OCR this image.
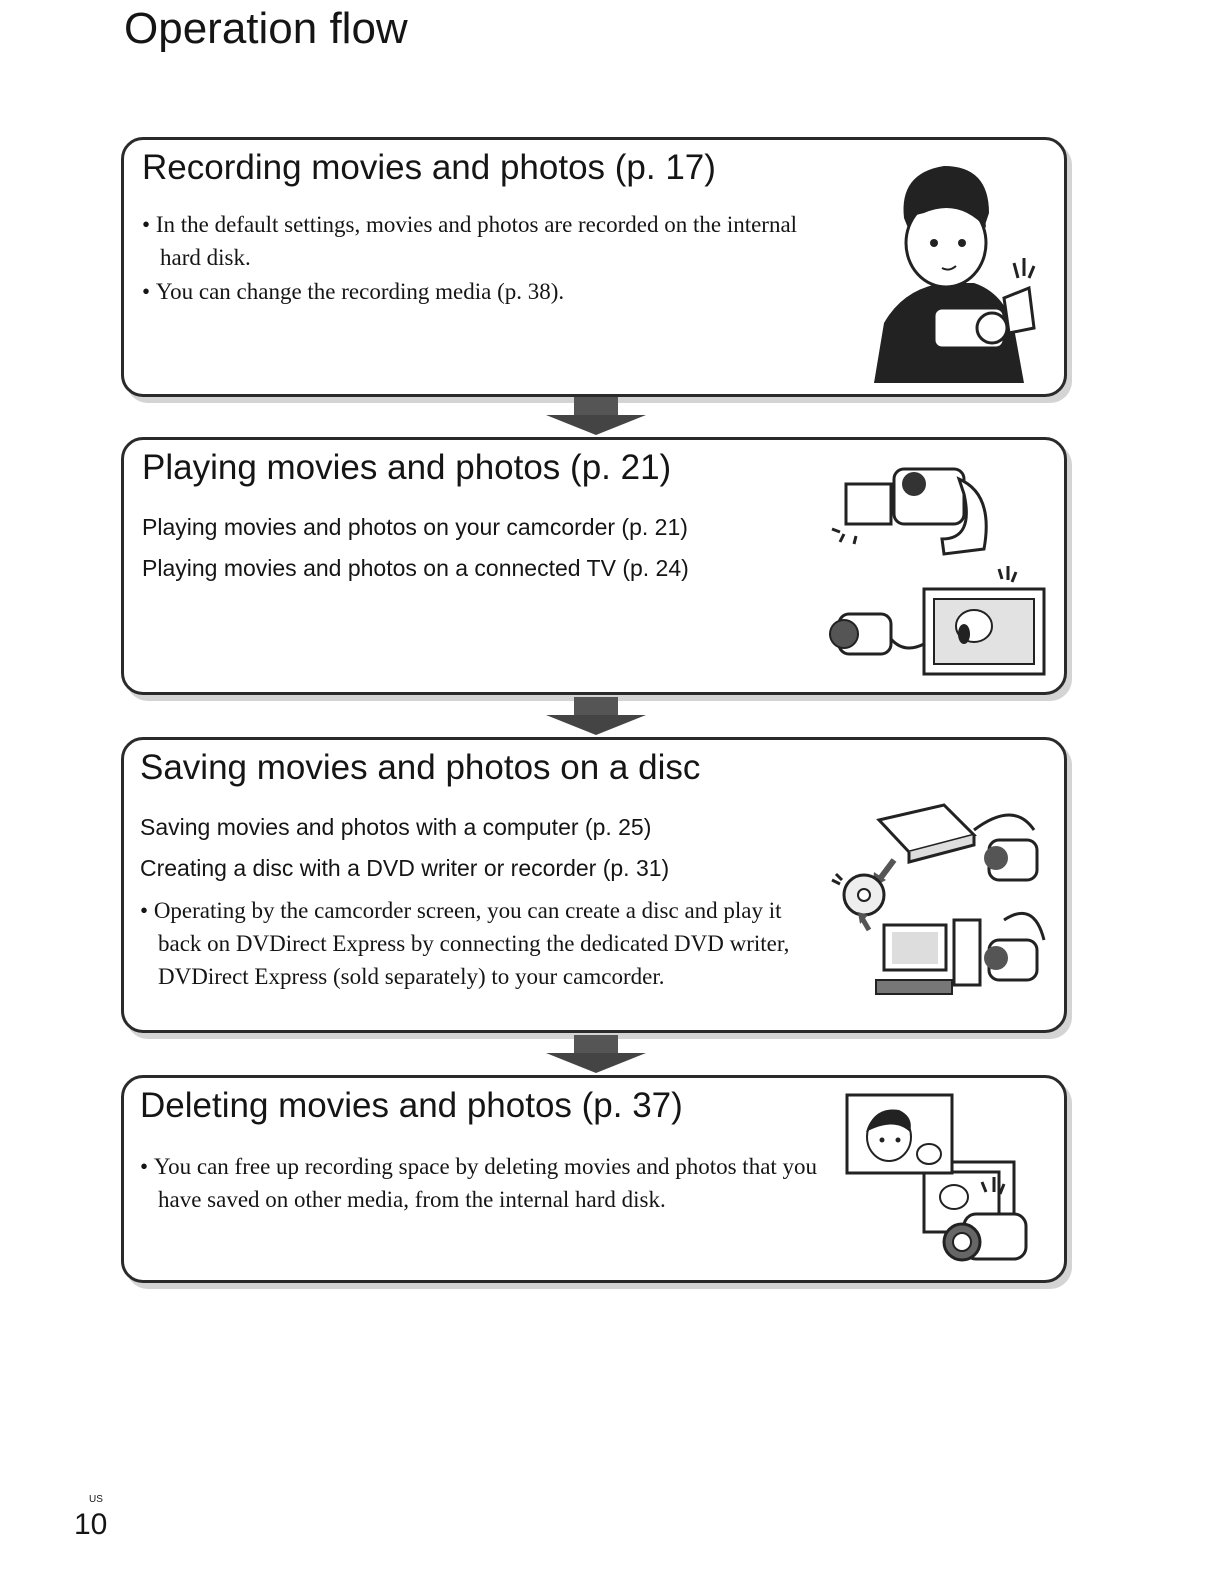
Operation flow
Recording movies and photos (p. 17)
• In the default settings, movies and photos are recorded on the internal hard disk.
• You can change the recording media (p. 38).
Playing movies and photos (p. 21)
Playing movies and photos on your camcorder (p. 21)
Playing movies and photos on a connected TV (p. 24)
Saving movies and photos on a disc
Saving movies and photos with a computer (p. 25)
Creating a disc with a DVD writer or recorder (p. 31)
• Operating by the camcorder screen, you can create a disc and play it back on DVDirect Express by connecting the dedicated DVD writer, DVDirect Express (sold separately) to your camcorder.
Deleting movies and photos (p. 37)
• You can free up recording space by deleting movies and photos that you have saved on other media, from the internal hard disk.
US
10
